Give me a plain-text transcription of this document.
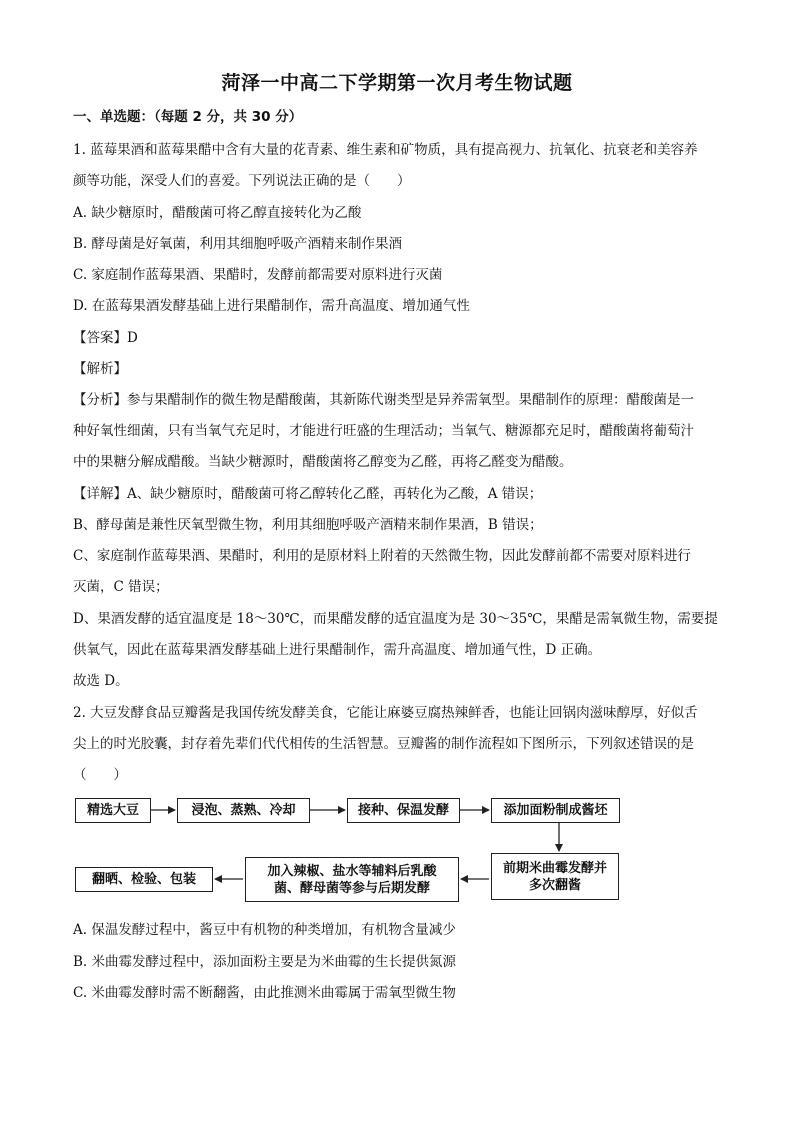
菏泽一中高二下学期第一次月考生物试题
一、单选题：（每题 2 分，共 30 分）
1. 蓝莓果酒和蓝莓果醋中含有大量的花青素、维生素和矿物质，具有提高视力、抗氧化、抗衰老和美容养
颜等功能，深受人们的喜爱。下列说法正确的是（　　）
A. 缺少糖原时，醋酸菌可将乙醇直接转化为乙酸
B. 酵母菌是好氧菌，利用其细胞呼吸产酒精来制作果酒
C. 家庭制作蓝莓果酒、果醋时，发酵前都需要对原料进行灭菌
D. 在蓝莓果酒发酵基础上进行果醋制作，需升高温度、增加通气性
【答案】D
【解析】
【分析】参与果醋制作的微生物是醋酸菌，其新陈代谢类型是异养需氧型。果醋制作的原理：醋酸菌是一
种好氧性细菌，只有当氧气充足时，才能进行旺盛的生理活动；当氧气、糖源都充足时，醋酸菌将葡萄汁
中的果糖分解成醋酸。当缺少糖源时，醋酸菌将乙醇变为乙醛，再将乙醛变为醋酸。
【详解】A、缺少糖原时，醋酸菌可将乙醇转化乙醛，再转化为乙酸，A 错误；
B、酵母菌是兼性厌氧型微生物，利用其细胞呼吸产酒精来制作果酒，B 错误；
C、家庭制作蓝莓果酒、果醋时，利用的是原材料上附着的天然微生物，因此发酵前都不需要对原料进行
灭菌，C 错误；
D、果酒发酵的适宜温度是 18～30℃，而果醋发酵的适宜温度为是 30～35℃，果醋是需氧微生物，需要提
供氧气，因此在蓝莓果酒发酵基础上进行果醋制作，需升高温度、增加通气性，D 正确。
故选 D。
2. 大豆发酵食品豆瓣酱是我国传统发酵美食，它能让麻婆豆腐热辣鲜香，也能让回锅肉滋味醇厚，好似舌
尖上的时光胶囊，封存着先辈们代代相传的生活智慧。豆瓣酱的制作流程如下图所示，下列叙述错误的是
（　　）
精选大豆	浸泡、蒸熟、冷却	接种、保温发酵	添加面粉制成酱坯
前期米曲霉发酵并
多次翻酱
加入辣椒、盐水等辅料后乳酸
菌、酵母菌等参与后期发酵
翻晒、检验、包装
A. 保温发酵过程中，酱豆中有机物的种类增加，有机物含量减少
B. 米曲霉发酵过程中，添加面粉主要是为米曲霉的生长提供氮源
C. 米曲霉发酵时需不断翻酱，由此推测米曲霉属于需氧型微生物
